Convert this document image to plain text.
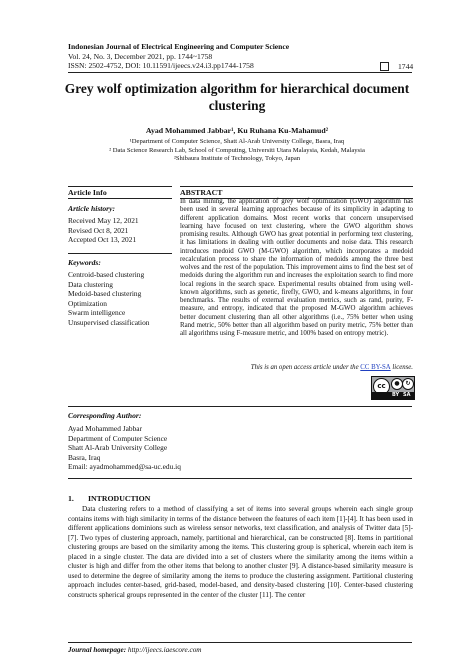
Indonesian Journal of Electrical Engineering and Computer Science
Vol. 24, No. 3, December 2021, pp. 1744~1758
ISSN: 2502-4752, DOI: 10.11591/ijeecs.v24.i3.pp1744-1758	1744
Grey wolf optimization algorithm for hierarchical document clustering
Ayad Mohammed Jabbar¹, Ku Ruhana Ku-Mahamud²
¹Department of Computer Science, Shatt Al-Arab University College, Basra, Iraq
² Data Science Research Lab, School of Computing, Universiti Utara Malaysia, Kedah, Malaysia
²Shibaura Institute of Technology, Tokyo, Japan
Article Info	ABSTRACT
Article history:
Received May 12, 2021
Revised Oct 8, 2021
Accepted Oct 13, 2021
Keywords:
Centroid-based clustering
Data clustering
Medoid-based clustering
Optimization
Swarm intelligence
Unsupervised classification
In data mining, the application of grey wolf optimization (GWO) algorithm has been used in several learning approaches because of its simplicity in adapting to different application domains. Most recent works that concern unsupervised learning have focused on text clustering, where the GWO algorithm shows promising results. Although GWO has great potential in performing text clustering, it has limitations in dealing with outlier documents and noise data. This research introduces medoid GWO (M-GWO) algorithm, which incorporates a medoid recalculation process to share the information of medoids among the three best wolves and the rest of the population. This improvement aims to find the best set of medoids during the algorithm run and increases the exploitation search to find more local regions in the search space. Experimental results obtained from using well-known algorithms, such as genetic, firefly, GWO, and k-means algorithms, in four benchmarks. The results of external evaluation metrics, such as rand, purity, F-measure, and entropy, indicated that the proposed M-GWO algorithm achieves better document clustering than all other algorithms (i.e., 75% better when using Rand metric, 50% better than all algorithm based on purity metric, 75% better than all algorithms using F-measure metric, and 100% based on entropy metric).
This is an open access article under the CC BY-SA license.
cc	● ↻
BY SA
Corresponding Author:
Ayad Mohammed Jabbar
Department of Computer Science
Shatt Al-Arab University College
Basra, Iraq
Email: ayadmohammed@sa-uc.edu.iq
1. INTRODUCTION
Data clustering refers to a method of classifying a set of items into several groups wherein each single group contains items with high similarity in terms of the distance between the features of each item [1]-[4]. It has been used in different applications dominions such as wireless sensor networks, text classification, and analysis of Twitter data [5]-[7]. Two types of clustering approach, namely, partitional and hierarchical, can be constructed [8]. Items in partitional clustering groups are based on the similarity among the items. This clustering group is spherical, wherein each item is placed in a single cluster. The data are divided into a set of clusters where the similarity among the items within a cluster is high and differ from the other items that belong to another cluster [9]. A distance-based similarity measure is used to determine the degree of similarity among the items to produce the clustering assignment. Partitional clustering approach includes center-based, grid-based, model-based, and density-based clustering [10]. Center-based clustering constructs spherical groups represented in the center of the cluster [11]. The center
Journal homepage: http://ijeecs.iaescore.com
